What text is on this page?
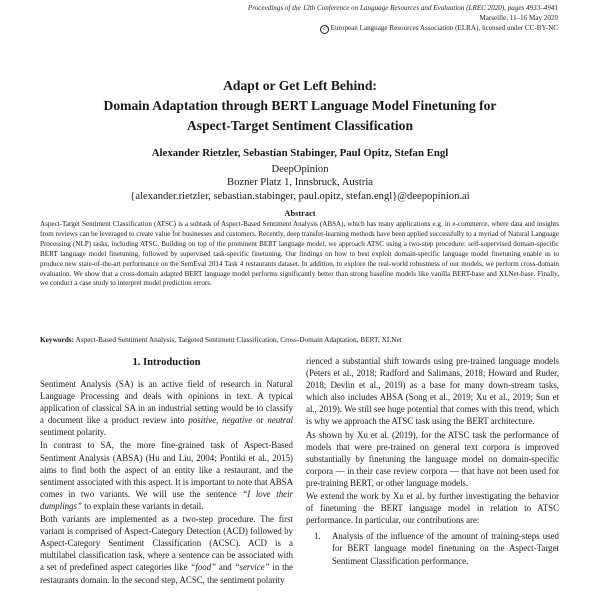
Proceedings of the 12th Conference on Language Resources and Evaluation (LREC 2020), pages 4933–4941
Marseille, 11–16 May 2020
c European Language Resources Association (ELRA), licensed under CC-BY-NC
Adapt or Get Left Behind:
Domain Adaptation through BERT Language Model Finetuning for
Aspect-Target Sentiment Classification
Alexander Rietzler, Sebastian Stabinger, Paul Opitz, Stefan Engl
DeepOpinion
Bozner Platz 1, Innsbruck, Austria
{alexander.rietzler, sebastian.stabinger, paul.opitz, stefan.engl}@deepopinion.ai
Abstract
Aspect-Target Sentiment Classification (ATSC) is a subtask of Aspect-Based Sentiment Analysis (ABSA), which has many applications e.g. in e-commerce, where data and insights from reviews can be leveraged to create value for businesses and customers. Recently, deep transfer-learning methods have been applied successfully to a myriad of Natural Language Processing (NLP) tasks, including ATSC. Building on top of the prominent BERT language model, we approach ATSC using a two-step procedure: self-supervised domain-specific BERT language model finetuning, followed by supervised task-specific finetuning. Our findings on how to best exploit domain-specific language model finetuning enable us to produce new state-of-the-art performance on the SemEval 2014 Task 4 restaurants dataset. In addition, to explore the real-world robustness of our models, we perform cross-domain evaluation. We show that a cross-domain adapted BERT language model performs significantly better than strong baseline models like vanilla BERT-base and XLNet-base. Finally, we conduct a case study to interpret model prediction errors.
Keywords: Aspect-Based Sentiment Analysis, Targeted Sentiment Classification, Cross-Domain Adaptation, BERT, XLNet
1. Introduction

Sentiment Analysis (SA) is an active field of research in Natural Language Processing and deals with opinions in text. A typical application of classical SA in an industrial setting would be to classify a document like a product review into positive, negative or neutral sentiment polarity.

In contrast to SA, the more fine-grained task of Aspect-Based Sentiment Analysis (ABSA) (Hu and Liu, 2004; Pontiki et al., 2015) aims to find both the aspect of an entity like a restaurant, and the sentiment associated with this aspect. It is important to note that ABSA comes in two variants. We will use the sentence “I love their dumplings” to explain these variants in detail.

Both variants are implemented as a two-step procedure. The first variant is comprised of Aspect-Category Detection (ACD) followed by Aspect-Category Sentiment Classification (ACSC). ACD is a multilabel classification task, where a sentence can be associated with a set of predefined aspect categories like “food” and “service” in the restaurants domain. In the second step, ACSC, the sentiment polarity

rienced a substantial shift towards using pre-trained language models (Peters et al., 2018; Radford and Salimans, 2018; Howard and Ruder, 2018; Devlin et al., 2019) as a base for many down-stream tasks, which also includes ABSA (Song et al., 2019; Xu et al., 2019; Sun et al., 2019). We still see huge potential that comes with this trend, which is why we approach the ATSC task using the BERT architecture.

As shown by Xu et al. (2019), for the ATSC task the performance of models that were pre-trained on general text corpora is improved substantially by finetuning the language model on domain-specific corpora — in their case review corpora — that have not been used for pre-training BERT, or other language models.

We extend the work by Xu et al. by further investigating the behavior of finetuning the BERT language model in relation to ATSC performance. In particular, our contributions are:

1.	Analysis of the influence of the amount of training-steps used for BERT language model finetuning on the Aspect-Target Sentiment Classification performance.
